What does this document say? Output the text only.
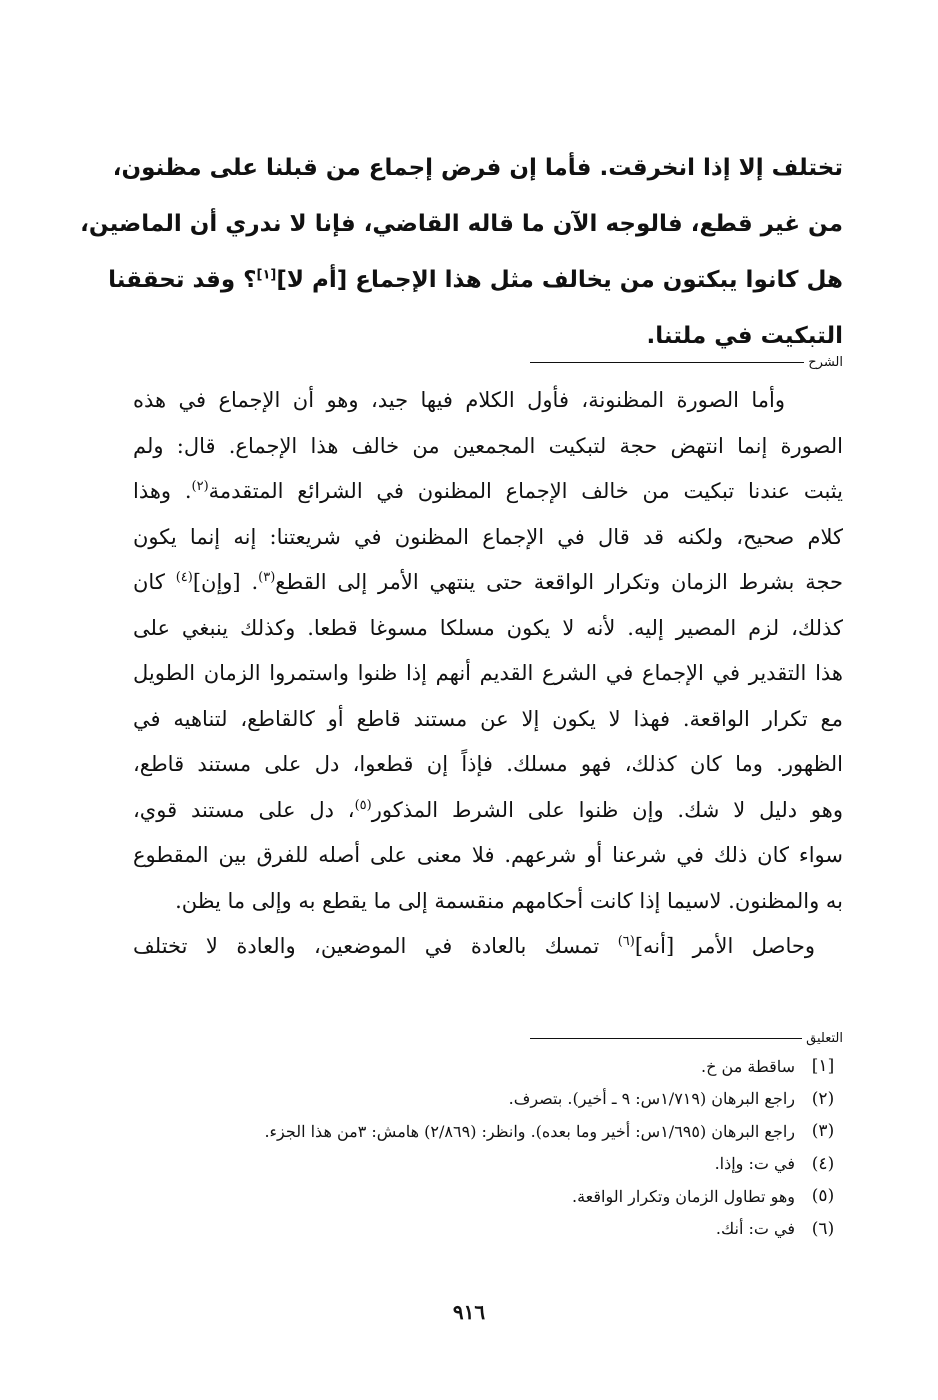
تختلف إلا إذا انخرقت. فأما إن فرض إجماع من قبلنا على مظنون،
من غير قطع، فالوجه الآن ما قاله القاضي، فإنا لا ندري أن الماضين،
هل كانوا يبكتون من يخالف مثل هذا الإجماع [أم لا][١]؟ وقد تحققنا
التبكيت في ملتنا.
الشرح
وأما الصورة المظنونة، فأول الكلام فيها جيد، وهو أن الإجماع في هذه
الصورة إنما انتهض حجة لتبكيت المجمعين من خالف هذا الإجماع. قال: ولم
يثبت عندنا تبكيت من خالف الإجماع المظنون في الشرائع المتقدمة$^{(٢)}$. وهذا
كلام صحيح، ولكنه قد قال في الإجماع المظنون في شريعتنا: إنه إنما يكون
حجة بشرط الزمان وتكرار الواقعة حتى ينتهي الأمر إلى القطع$^{(٣)}$. [وإن]$^{(٤)}$ كان
كذلك، لزم المصير إليه. لأنه لا يكون مسلكا مسوغا قطعا. وكذلك ينبغي على
هذا التقدير في الإجماع في الشرع القديم أنهم إذا ظنوا واستمروا الزمان الطويل
مع تكرار الواقعة. فهذا لا يكون إلا عن مستند قاطع أو كالقاطع، لتناهيه في
الظهور. وما كان كذلك، فهو مسلك. فإذاً إن قطعوا، دل على مستند قاطع،
وهو دليل لا شك. وإن ظنوا على الشرط المذكور$^{(٥)}$، دل على مستند قوي،
سواء كان ذلك في شرعنا أو شرعهم. فلا معنى على أصله للفرق بين المقطوع
به والمظنون. لاسيما إذا كانت أحكامهم منقسمة إلى ما يقطع به وإلى ما يظن.
وحاصل الأمر [أنه]$^{(٦)}$ تمسك بالعادة في الموضعين، والعادة لا تختلف
التعليق
[١]
ساقطة من خ.
(٢)
راجع البرهان (١/٧١٩س: ٩ ـ أخير). بتصرف.
(٣)
راجع البرهان (١/٦٩٥س: أخير وما بعده). وانظر: (٢/٨٦٩) هامش: ٣من هذا الجزء.
(٤)
في ت: وإذا.
(٥)
وهو تطاول الزمان وتكرار الواقعة.
(٦)
في ت: أنك.
٩١٦
